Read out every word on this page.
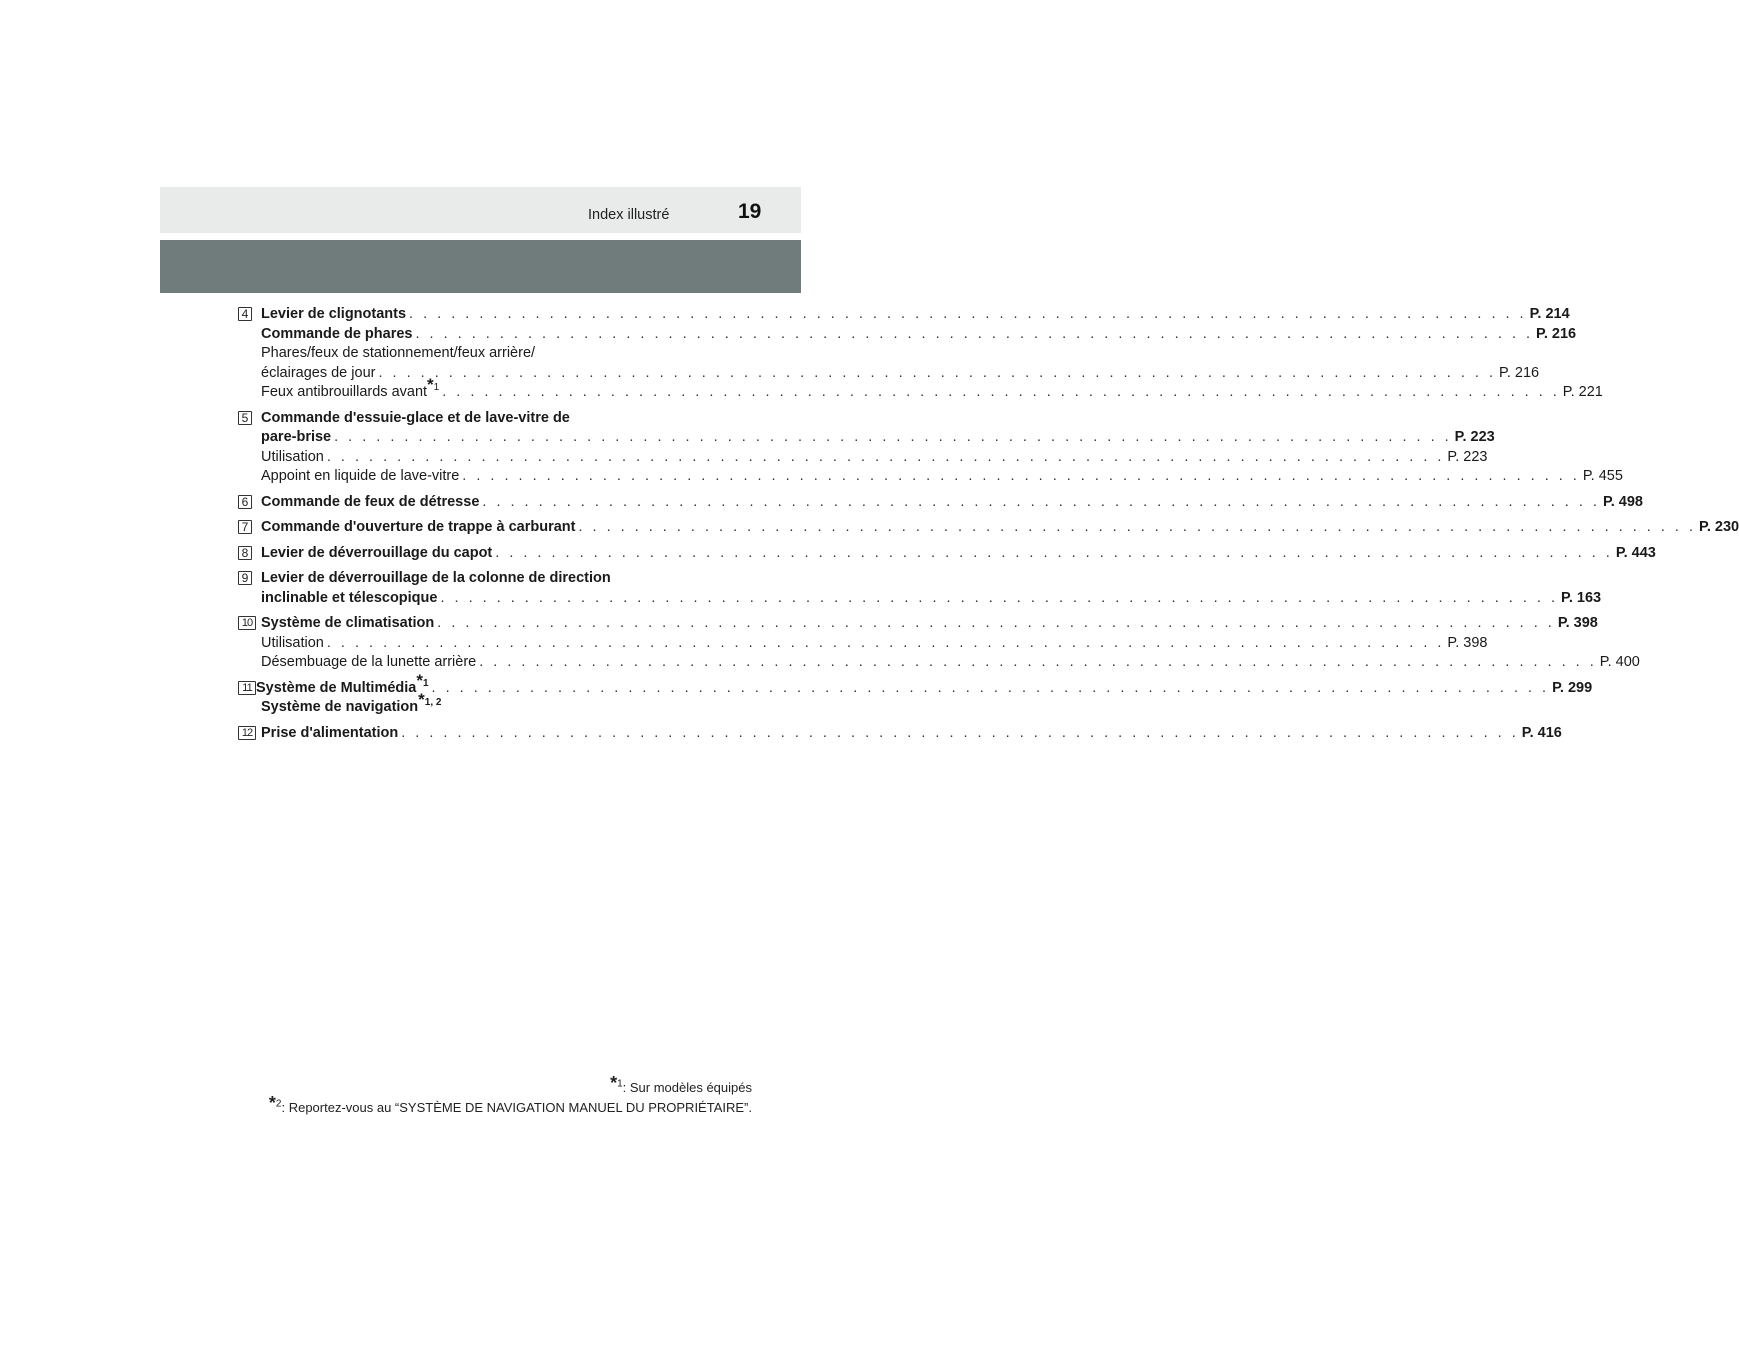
Index illustré	19
4 Levier de clignotants . . . . . . . . . . . . . . . . . . . . . . . . . . . . . . . . . . . . . . . . . . . . . . . . . . . . . . . . . . . . . . . . . . . . . . . . . . . . . . . . P. 214
Commande de phares . . . . . . . . . . . . . . . . . . . . . . . . . . . . . . . . . . . . . . . . . . . . . . . . . . . . . . . . . . . . . . . . . . . . . . . . . . . . . . . . P. 216
Phares/feux de stationnement/feux arrière/
éclairages de jour . . . . . . . . . . . . . . . . . . . . . . . . . . . . . . . . . . . . . . . . . . . . . . . . . . . . . . . . . . . . . . . . . . . . . . . . . . . . . . . . P. 216
Feux antibrouillards avant$^{*1}$ . . . . . . . . . . . . . . . . . . . . . . . . . . . . . . . . . . . . . . . . . . . . . . . . . . . . . . . . . . . . . . . . . . . . . . . . . . . . . . . . P. 221
5 Commande d'essuie-glace et de lave-vitre de
pare-brise . . . . . . . . . . . . . . . . . . . . . . . . . . . . . . . . . . . . . . . . . . . . . . . . . . . . . . . . . . . . . . . . . . . . . . . . . . . . . . . . P. 223
Utilisation . . . . . . . . . . . . . . . . . . . . . . . . . . . . . . . . . . . . . . . . . . . . . . . . . . . . . . . . . . . . . . . . . . . . . . . . . . . . . . . . P. 223
Appoint en liquide de lave-vitre . . . . . . . . . . . . . . . . . . . . . . . . . . . . . . . . . . . . . . . . . . . . . . . . . . . . . . . . . . . . . . . . . . . . . . . . . . . . . . . . P. 455
6 Commande de feux de détresse . . . . . . . . . . . . . . . . . . . . . . . . . . . . . . . . . . . . . . . . . . . . . . . . . . . . . . . . . . . . . . . . . . . . . . . . . . . . . . . . P. 498
7 Commande d'ouverture de trappe à carburant . . . . . . . . . . . . . . . . . . . . . . . . . . . . . . . . . . . . . . . . . . . . . . . . . . . . . . . . . . . . . . . . . . . . . . . . . . . . . . . . P. 230
8 Levier de déverrouillage du capot . . . . . . . . . . . . . . . . . . . . . . . . . . . . . . . . . . . . . . . . . . . . . . . . . . . . . . . . . . . . . . . . . . . . . . . . . . . . . . . . P. 443
9 Levier de déverrouillage de la colonne de direction
inclinable et télescopique . . . . . . . . . . . . . . . . . . . . . . . . . . . . . . . . . . . . . . . . . . . . . . . . . . . . . . . . . . . . . . . . . . . . . . . . . . . . . . . . P. 163
10 Système de climatisation . . . . . . . . . . . . . . . . . . . . . . . . . . . . . . . . . . . . . . . . . . . . . . . . . . . . . . . . . . . . . . . . . . . . . . . . . . . . . . . . P. 398
Utilisation . . . . . . . . . . . . . . . . . . . . . . . . . . . . . . . . . . . . . . . . . . . . . . . . . . . . . . . . . . . . . . . . . . . . . . . . . . . . . . . . P. 398
Désembuage de la lunette arrière . . . . . . . . . . . . . . . . . . . . . . . . . . . . . . . . . . . . . . . . . . . . . . . . . . . . . . . . . . . . . . . . . . . . . . . . . . . . . . . . P. 400
11 Système de Multimédia$^{*1}$ . . . . . . . . . . . . . . . . . . . . . . . . . . . . . . . . . . . . . . . . . . . . . . . . . . . . . . . . . . . . . . . . . . . . . . . . . . . . . . . . P. 299
Système de navigation$^{*1, 2}$
12 Prise d'alimentation . . . . . . . . . . . . . . . . . . . . . . . . . . . . . . . . . . . . . . . . . . . . . . . . . . . . . . . . . . . . . . . . . . . . . . . . . . . . . . . . P. 416
*$^1$: Sur modèles équipés
*$^2$: Reportez-vous au “SYSTÈME DE NAVIGATION MANUEL DU PROPRIÉTAIRE”.
